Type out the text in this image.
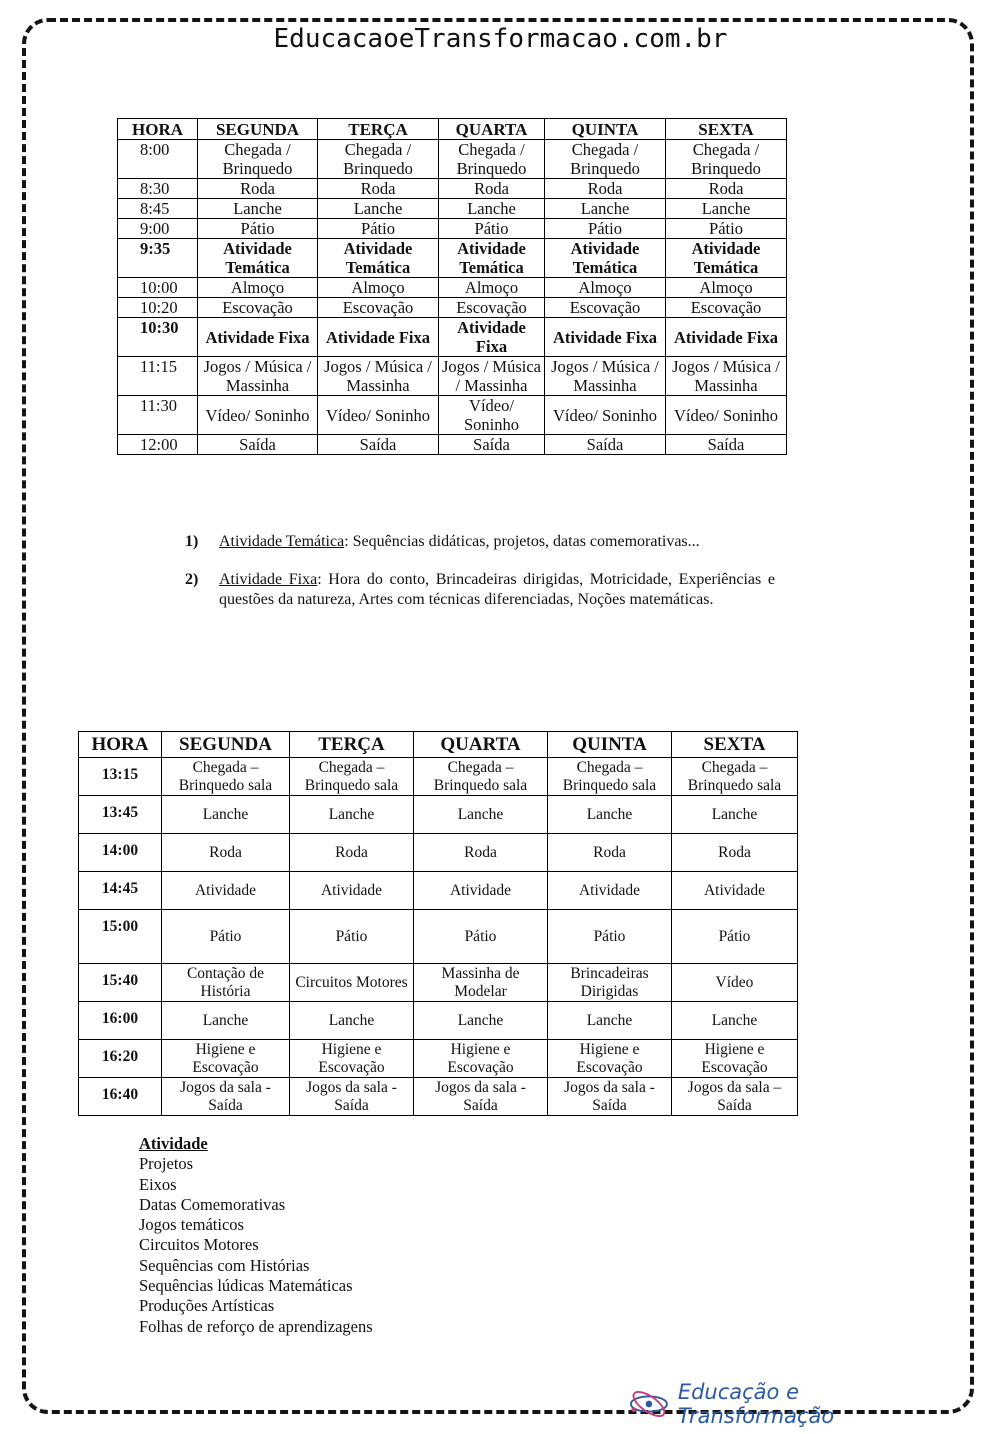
EducacaoeTransformacao.com.br
HORA	SEGUNDA	TERÇA	QUARTA	QUINTA	SEXTA
8:00	Chegada / Brinquedo	Chegada / Brinquedo	Chegada / Brinquedo	Chegada / Brinquedo	Chegada / Brinquedo
8:30	Roda	Roda	Roda	Roda	Roda
8:45	Lanche	Lanche	Lanche	Lanche	Lanche
9:00	Pátio	Pátio	Pátio	Pátio	Pátio
9:35	Atividade Temática	Atividade Temática	Atividade Temática	Atividade Temática	Atividade Temática
10:00	Almoço	Almoço	Almoço	Almoço	Almoço
10:20	Escovação	Escovação	Escovação	Escovação	Escovação
10:30	Atividade Fixa	Atividade Fixa	Atividade Fixa	Atividade Fixa	Atividade Fixa
11:15	Jogos / Música / Massinha	Jogos / Música / Massinha	Jogos / Música / Massinha	Jogos / Música / Massinha	Jogos / Música / Massinha
11:30	Vídeo/ Soninho	Vídeo/ Soninho	Vídeo/ Soninho	Vídeo/ Soninho	Vídeo/ Soninho
12:00	Saída	Saída	Saída	Saída	Saída
1)	Atividade Temática: Sequências didáticas, projetos, datas comemorativas...
2)	Atividade Fixa: Hora do conto, Brincadeiras dirigidas, Motricidade, Experiências e questões da natureza, Artes com técnicas diferenciadas, Noções matemáticas.
HORA	SEGUNDA	TERÇA	QUARTA	QUINTA	SEXTA
13:15	Chegada – Brinquedo sala	Chegada – Brinquedo sala	Chegada – Brinquedo sala	Chegada – Brinquedo sala	Chegada – Brinquedo sala
13:45	Lanche	Lanche	Lanche	Lanche	Lanche
14:00	Roda	Roda	Roda	Roda	Roda
14:45	Atividade	Atividade	Atividade	Atividade	Atividade
15:00	Pátio	Pátio	Pátio	Pátio	Pátio
15:40	Contação de História	Circuitos Motores	Massinha de Modelar	Brincadeiras Dirigidas	Vídeo
16:00	Lanche	Lanche	Lanche	Lanche	Lanche
16:20	Higiene e Escovação	Higiene e Escovação	Higiene e Escovação	Higiene e Escovação	Higiene e Escovação
16:40	Jogos da sala - Saída	Jogos da sala - Saída	Jogos da sala - Saída	Jogos da sala - Saída	Jogos da sala – Saída
Atividade
Projetos
Eixos
Datas Comemorativas
Jogos temáticos
Circuitos Motores
Sequências com Histórias
Sequências lúdicas Matemáticas
Produções Artísticas
Folhas de reforço de aprendizagens
Educação e Transformação
